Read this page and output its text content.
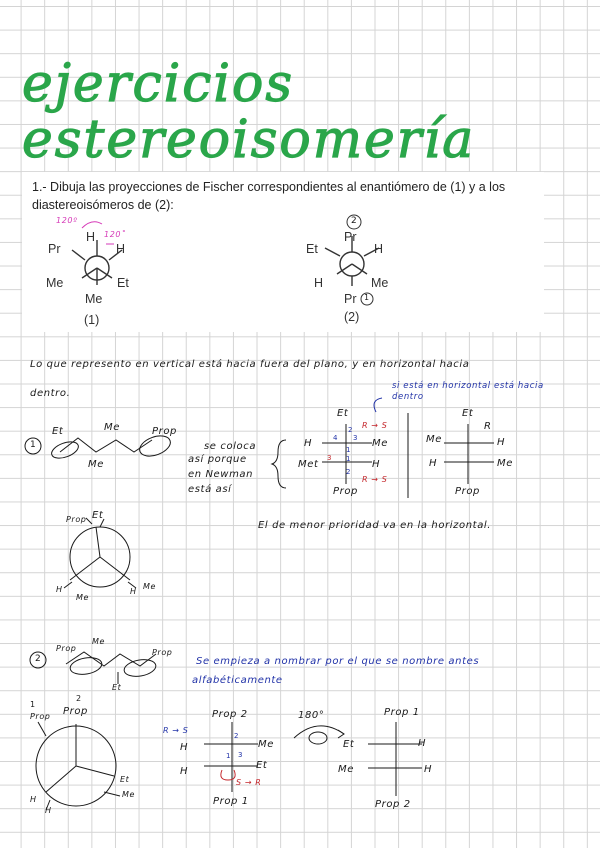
ejercicios
estereoisomería
1.- Dibuja las proyecciones de Fischer correspondientes al enantiómero de (1) y a los diastereoisómeros de (2):
H
Pr	H
Me	Et
Me
(1)
120º
120˚	Pr
Et	H
H	Me
Pr
(2)
2
1
Lo que represento en vertical está hacia fuera del plano, y en horizontal hacia
dentro.
si está en horizontal está hacia
dentro
1
Et	Me
Me
Prop
se coloca
así porque
en Newman
está así
Et
R → S
H	Me
Met	H
R → S
Prop
2
4 3
1
3 1
2
Et
R
Me	H
H	Me
Prop
Prop Et
H
Me
H
Me
El de menor prioridad va en la horizontal.
2
Prop
Me
Prop
Et
Se empieza a nombrar por el que se nombre antes
alfabéticamente
1
2
Prop Prop
Et
Me
H
H
Prop 2
R → S
H	Me
H
Et
S → R
Prop 1
2
1 3
180°	Prop 1
Et	H
Me	H
Prop 2
